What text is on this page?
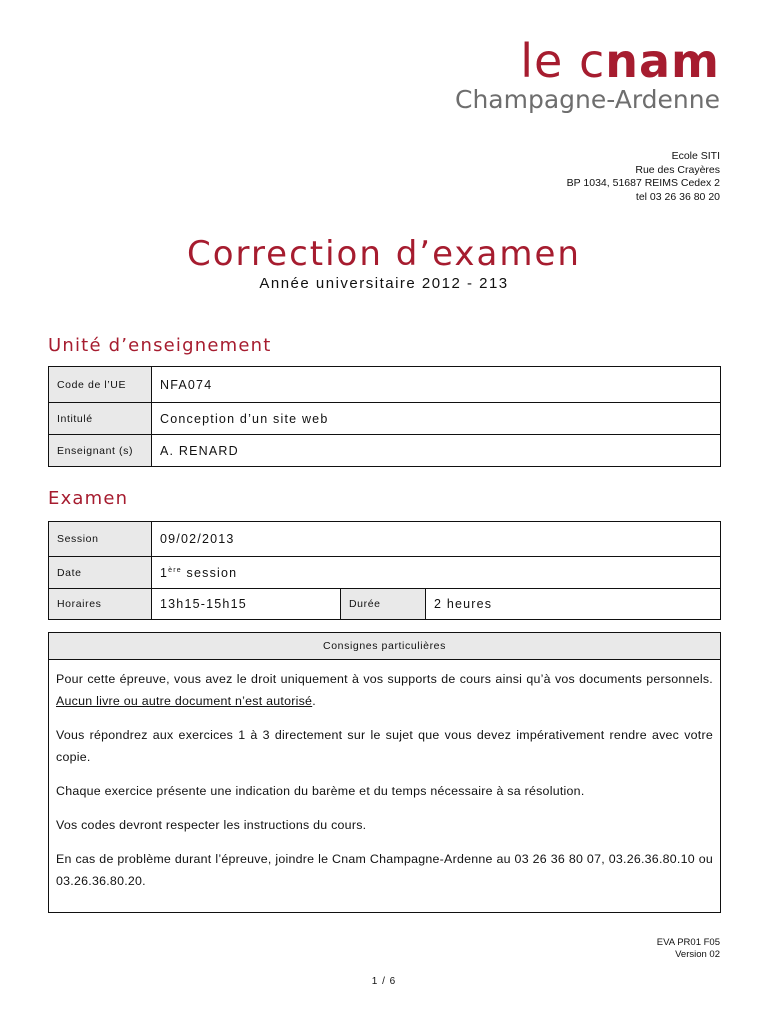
le cnam
Champagne-Ardenne
Ecole SITI
Rue des Crayères
BP 1034, 51687 REIMS Cedex 2
tel 03 26 36 80 20
Correction d’examen
Année universitaire 2012 - 213
Unité d’enseignement
Code de l’UE	NFA074
Intitulé	Conception d’un site web
Enseignant (s)	A. RENARD
Examen
Session	09/02/2013		
Date	1ère session		
Horaires	13h15-15h15	Durée	2 heures
Consignes particulières

Pour cette épreuve, vous avez le droit uniquement à vos supports de cours ainsi qu’à vos documents personnels. Aucun livre ou autre document n’est autorisé.

Vous répondrez aux exercices 1 à 3 directement sur le sujet que vous devez impérativement rendre avec votre copie.

Chaque exercice présente une indication du barème et du temps nécessaire à sa résolution.

Vos codes devront respecter les instructions du cours.

En cas de problème durant l’épreuve, joindre le Cnam Champagne-Ardenne au 03 26 36 80 07, 03.26.36.80.10 ou 03.26.36.80.20.

EVA PR01 F05
Version 02
1 / 6
